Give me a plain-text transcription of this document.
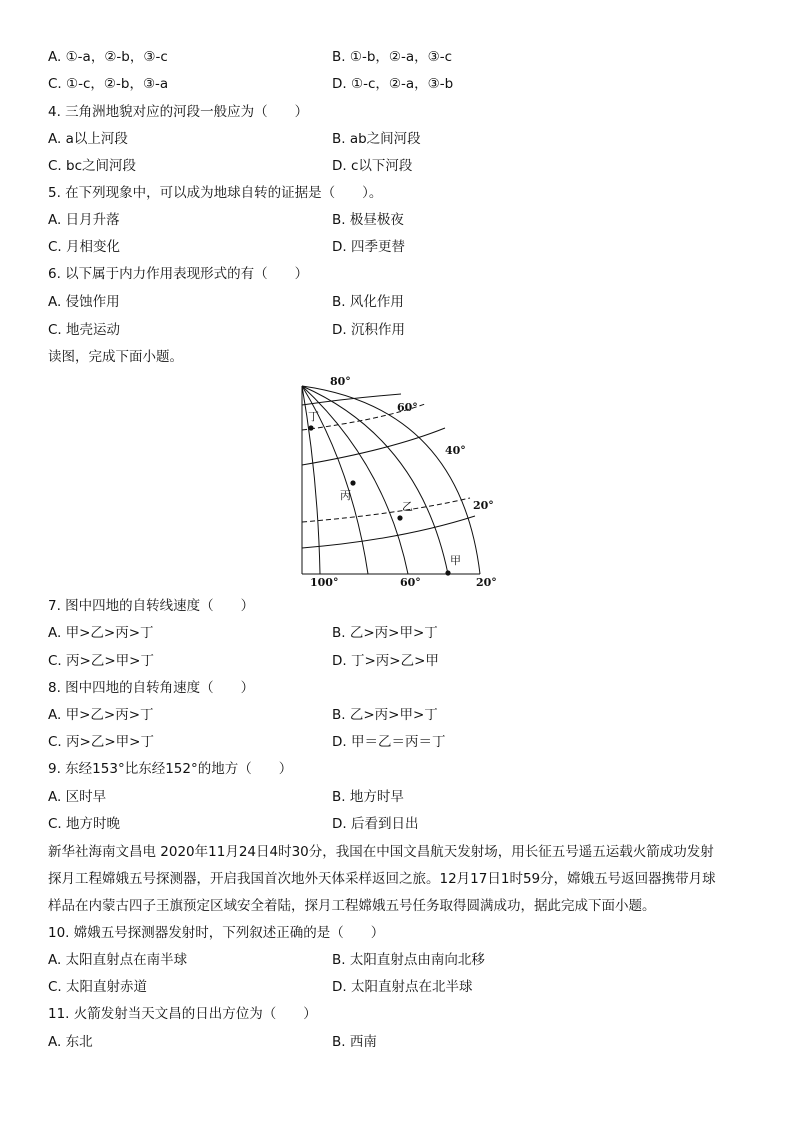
A. ①-a，②-b，③-c	B. ①-b，②-a，③-c
C. ①-c，②-b，③-a	D. ①-c，②-a，③-b
4. 三角洲地貌对应的河段一般应为（　　）
A. a以上河段	B. ab之间河段
C. bc之间河段	D. c以下河段
5. 在下列现象中，可以成为地球自转的证据是（　　）。
A. 日月升落	B. 极昼极夜
C. 月相变化	D. 四季更替
6. 以下属于内力作用表现形式的有（　　）
A. 侵蚀作用	B. 风化作用
C. 地壳运动	D. 沉积作用
读图，完成下面小题。
80°
60°
40°
20°
100°	60°	20°
丁
丙
乙
甲
7. 图中四地的自转线速度（　　）
A. 甲>乙>丙>丁	B. 乙>丙>甲>丁
C. 丙>乙>甲>丁	D. 丁>丙>乙>甲
8. 图中四地的自转角速度（　　）
A. 甲>乙>丙>丁	B. 乙>丙>甲>丁
C. 丙>乙>甲>丁	D. 甲＝乙＝丙＝丁
9. 东经153°比东经152°的地方（　　）
A. 区时早	B. 地方时早
C. 地方时晚	D. 后看到日出
新华社海南文昌电 2020年11月24日4时30分，我国在中国文昌航天发射场，用长征五号遥五运载火箭成功发射
探月工程嫦娥五号探测器，开启我国首次地外天体采样返回之旅。12月17日1时59分，嫦娥五号返回器携带月球
样品在内蒙古四子王旗预定区域安全着陆，探月工程嫦娥五号任务取得圆满成功，据此完成下面小题。
10. 嫦娥五号探测器发射时，下列叙述正确的是（　　）
A. 太阳直射点在南半球	B. 太阳直射点由南向北移
C. 太阳直射赤道	D. 太阳直射点在北半球
11. 火箭发射当天文昌的日出方位为（　　）
A. 东北	B. 西南
